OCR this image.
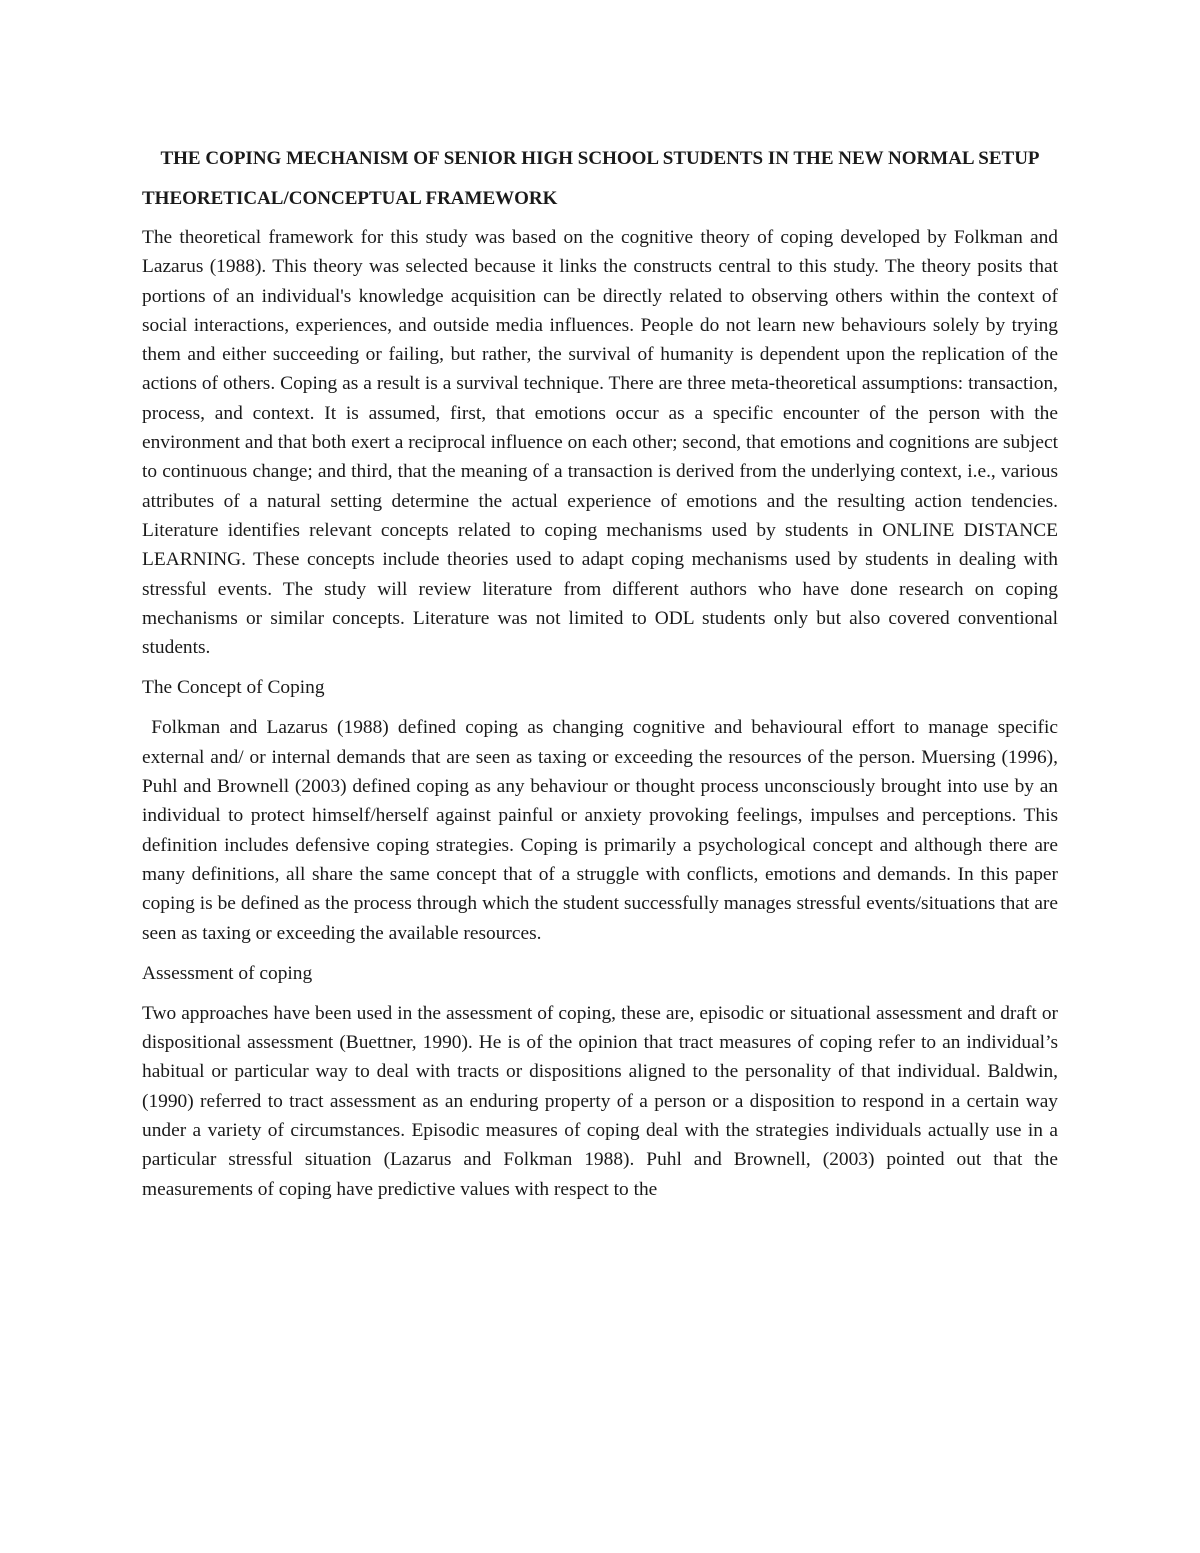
THE COPING MECHANISM OF SENIOR HIGH SCHOOL STUDENTS IN THE NEW NORMAL SETUP
THEORETICAL/CONCEPTUAL FRAMEWORK

The theoretical framework for this study was based on the cognitive theory of coping developed by Folkman and Lazarus (1988). This theory was selected because it links the constructs central to this study. The theory posits that portions of an individual's knowledge acquisition can be directly related to observing others within the context of social interactions, experiences, and outside media influences. People do not learn new behaviours solely by trying them and either succeeding or failing, but rather, the survival of humanity is dependent upon the replication of the actions of others. Coping as a result is a survival technique. There are three meta-theoretical assumptions: transaction, process, and context. It is assumed, first, that emotions occur as a specific encounter of the person with the environment and that both exert a reciprocal influence on each other; second, that emotions and cognitions are subject to continuous change; and third, that the meaning of a transaction is derived from the underlying context, i.e., various attributes of a natural setting determine the actual experience of emotions and the resulting action tendencies. Literature identifies relevant concepts related to coping mechanisms used by students in ONLINE DISTANCE LEARNING. These concepts include theories used to adapt coping mechanisms used by students in dealing with stressful events. The study will review literature from different authors who have done research on coping mechanisms or similar concepts. Literature was not limited to ODL students only but also covered conventional students.

The Concept of Coping

Folkman and Lazarus (1988) defined coping as changing cognitive and behavioural effort to manage specific external and/ or internal demands that are seen as taxing or exceeding the resources of the person. Muersing (1996), Puhl and Brownell (2003) defined coping as any behaviour or thought process unconsciously brought into use by an individual to protect himself/herself against painful or anxiety provoking feelings, impulses and perceptions. This definition includes defensive coping strategies. Coping is primarily a psychological concept and although there are many definitions, all share the same concept that of a struggle with conflicts, emotions and demands. In this paper coping is be defined as the process through which the student successfully manages stressful events/situations that are seen as taxing or exceeding the available resources.

Assessment of coping

Two approaches have been used in the assessment of coping, these are, episodic or situational assessment and draft or dispositional assessment (Buettner, 1990). He is of the opinion that tract measures of coping refer to an individual’s habitual or particular way to deal with tracts or dispositions aligned to the personality of that individual. Baldwin, (1990) referred to tract assessment as an enduring property of a person or a disposition to respond in a certain way under a variety of circumstances. Episodic measures of coping deal with the strategies individuals actually use in a particular stressful situation (Lazarus and Folkman 1988). Puhl and Brownell, (2003) pointed out that the measurements of coping have predictive values with respect to the
